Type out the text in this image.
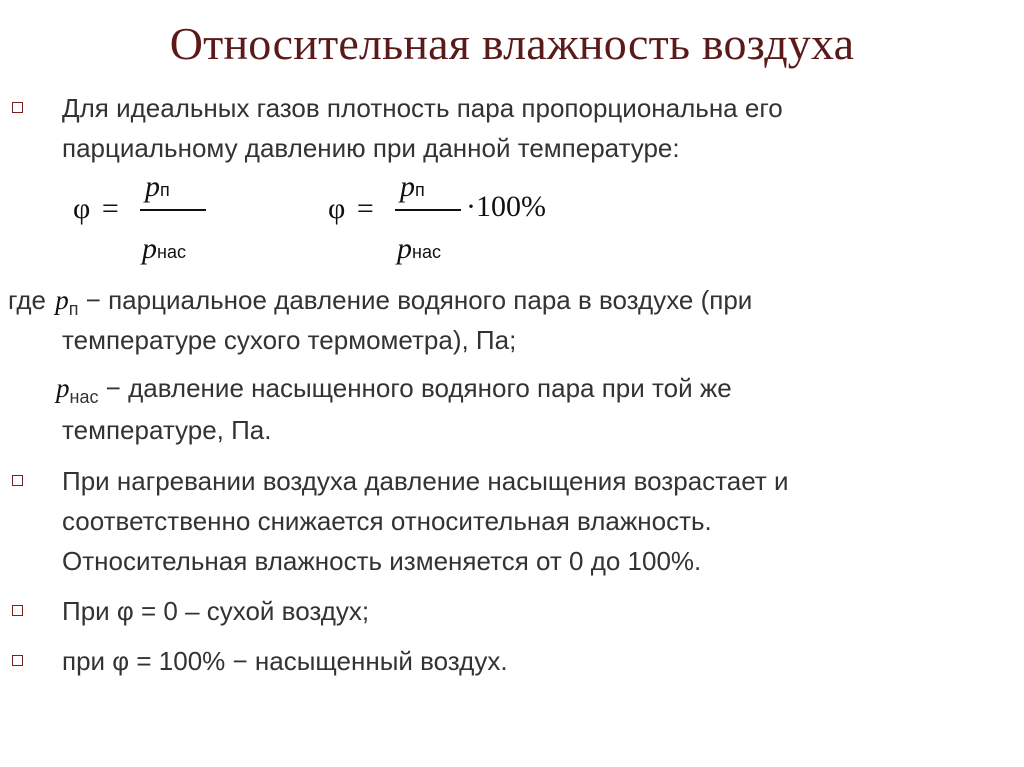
Относительная влажность воздуха
Для идеальных газов плотность пара пропорциональна его
парциальному давлению при данной температуре:
φ =
pп
pнас
φ =
pп
pнас
·100%
где $p_п$ − парциальное давление водяного пара в воздухе (при
температуре сухого термометра), Па;
$p_{нас}$ − давление насыщенного водяного пара при той же
температуре, Па.
При нагревании воздуха давление насыщения возрастает и
соответственно снижается относительная влажность.
Относительная влажность изменяется от 0 до 100%.
При φ = 0 – сухой воздух;
при φ = 100% − насыщенный воздух.
